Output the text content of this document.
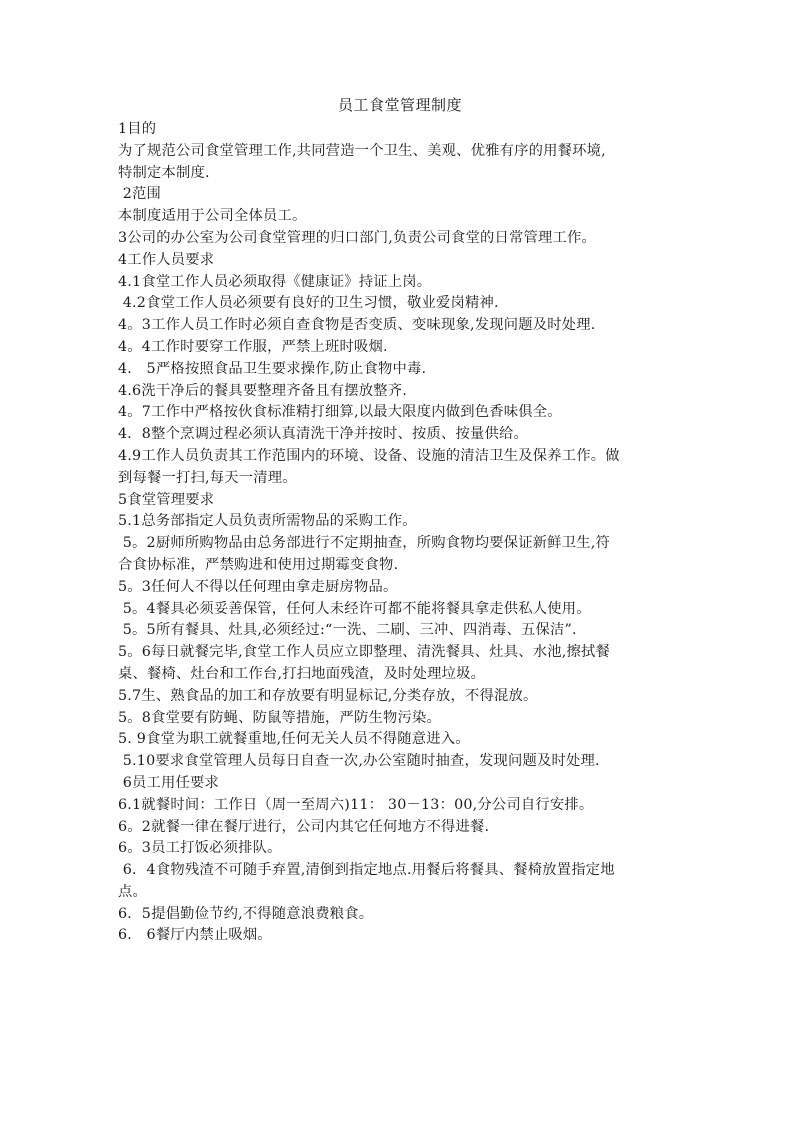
员工食堂管理制度
1目的
为了规范公司食堂管理工作,共同营造一个卫生、美观、优雅有序的用餐环境,
特制定本制度.
2范围
本制度适用于公司全体员工。
3公司的办公室为公司食堂管理的归口部门,负责公司食堂的日常管理工作。
4工作人员要求
4.1食堂工作人员必须取得《健康证》持证上岗。
4.2食堂工作人员必须要有良好的卫生习惯，敬业爱岗精神.
4。3工作人员工作时必须自查食物是否变质、变味现象,发现问题及时处理.
4。4工作时要穿工作服，严禁上班时吸烟.
4． 5严格按照食品卫生要求操作,防止食物中毒.
4.6洗干净后的餐具要整理齐备且有摆放整齐.
4。7工作中严格按伙食标准精打细算,以最大限度内做到色香味俱全。
4．8整个烹调过程必须认真清洗干净并按时、按质、按量供给。
4.9工作人员负责其工作范围内的环境、设备、设施的清洁卫生及保养工作。做
到每餐一打扫,每天一清理。
5食堂管理要求
5.1总务部指定人员负责所需物品的采购工作。
5。2厨师所购物品由总务部进行不定期抽查，所购食物均要保证新鲜卫生,符
合食协标准，严禁购进和使用过期霉变食物.
5。3任何人不得以任何理由拿走厨房物品。
5。4餐具必须妥善保管，任何人未经许可都不能将餐具拿走供私人使用。
5。5所有餐具、灶具,必须经过:“一洗、二刷、三冲、四消毒、五保洁”.
5。6每日就餐完毕,食堂工作人员应立即整理、清洗餐具、灶具、水池,擦拭餐
桌、餐椅、灶台和工作台,打扫地面残渣，及时处理垃圾。
5.7生、熟食品的加工和存放要有明显标记,分类存放，不得混放。
5。8食堂要有防蝇、防鼠等措施，严防生物污染。
5. 9食堂为职工就餐重地,任何无关人员不得随意进入。
5.10要求食堂管理人员每日自查一次,办公室随时抽查，发现问题及时处理.
6员工用任要求
6.1就餐时间：工作日（周一至周六)11： 30－13：00,分公司自行安排。
6。2就餐一律在餐厅进行，公司内其它任何地方不得进餐.
6。3员工打饭必须排队。
6．4食物残渣不可随手弃置,清倒到指定地点.用餐后将餐具、餐椅放置指定地
点。
6．5提倡勤俭节约,不得随意浪费粮食。
6． 6餐厅内禁止吸烟。
